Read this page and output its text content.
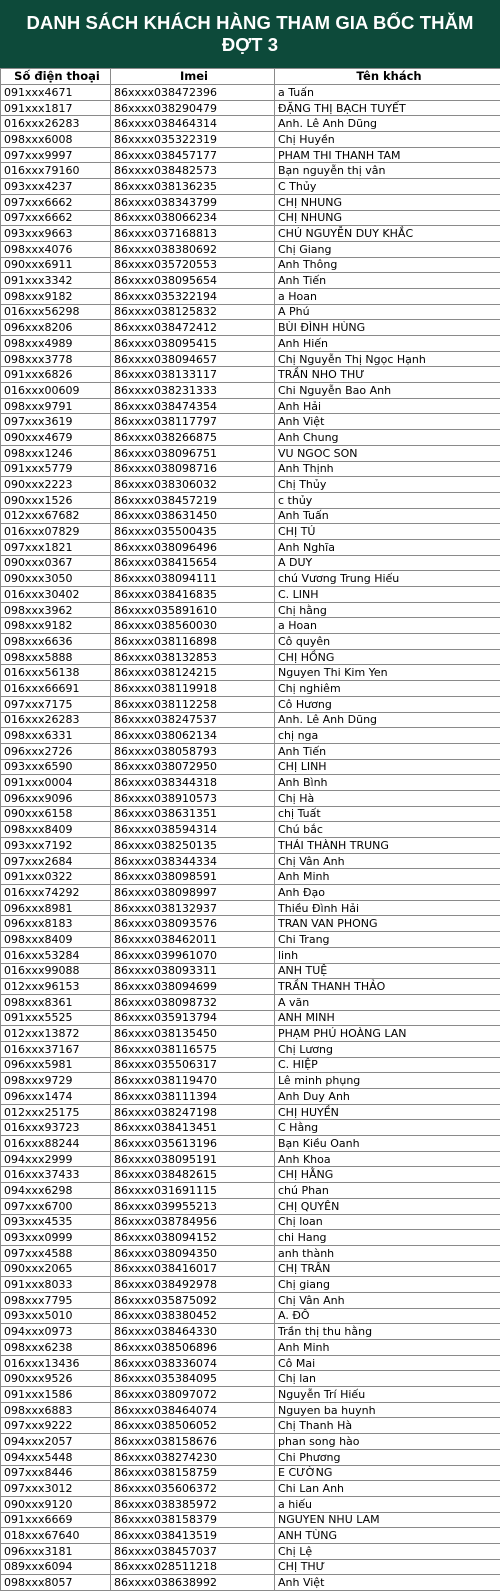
DANH SÁCH KHÁCH HÀNG THAM GIA BỐC THĂM ĐỢT 3
Số điện thoại	Imei	Tên khách
091xxx4671	86xxxx038472396	a Tuấn
091xxx1817	86xxxx038290479	ĐẶNG THỊ BẠCH TUYẾT
016xxx26283	86xxxx038464314	Anh. Lê Anh Dũng
098xxx6008	86xxxx035322319	Chị Huyền
097xxx9997	86xxxx038457177	PHAM THI THANH TAM
016xxx79160	86xxxx038482573	Bạn nguyễn thị vân
093xxx4237	86xxxx038136235	C Thủy
097xxx6662	86xxxx038343799	CHỊ NHUNG
097xxx6662	86xxxx038066234	CHỊ NHUNG
093xxx9663	86xxxx037168813	CHÚ NGUYỄN DUY KHẮC
098xxx4076	86xxxx038380692	Chị Giang
090xxx6911	86xxxx035720553	Anh Thông
091xxx3342	86xxxx038095654	Anh Tiến
098xxx9182	86xxxx035322194	a Hoan
016xxx56298	86xxxx038125832	A Phú
096xxx8206	86xxxx038472412	BÙI ĐÌNH HÙNG
098xxx4989	86xxxx038095415	Anh Hiến
098xxx3778	86xxxx038094657	Chị Nguyễn Thị Ngọc Hạnh
091xxx6826	86xxxx038133117	TRẦN NHO THƯ
016xxx00609	86xxxx038231333	Chi Nguyễn Bao Anh
098xxx9791	86xxxx038474354	Anh Hải
097xxx3619	86xxxx038117797	Anh Việt
090xxx4679	86xxxx038266875	Anh Chung
098xxx1246	86xxxx038096751	VU NGOC SON
091xxx5779	86xxxx038098716	Anh Thịnh
090xxx2223	86xxxx038306032	Chị Thủy
090xxx1526	86xxxx038457219	c thủy
012xxx67682	86xxxx038631450	Anh Tuấn
016xxx07829	86xxxx035500435	CHỊ TÚ
097xxx1821	86xxxx038096496	Anh Nghĩa
090xxx0367	86xxxx038415654	A DUY
090xxx3050	86xxxx038094111	chú Vương Trung Hiếu
016xxx30402	86xxxx038416835	C. LINH
098xxx3962	86xxxx035891610	Chị hằng
098xxx9182	86xxxx038560030	a Hoan
098xxx6636	86xxxx038116898	Cô quyên
098xxx5888	86xxxx038132853	CHỊ HỒNG
016xxx56138	86xxxx038124215	Nguyen Thi Kim Yen
016xxx66691	86xxxx038119918	Chị nghiêm
097xxx7175	86xxxx038112258	Cô Hương
016xxx26283	86xxxx038247537	Anh. Lê Anh Dũng
098xxx6331	86xxxx038062134	chị nga
096xxx2726	86xxxx038058793	Anh Tiến
093xxx6590	86xxxx038072950	CHỊ LINH
091xxx0004	86xxxx038344318	Anh Bình
096xxx9096	86xxxx038910573	Chị Hà
090xxx6158	86xxxx038631351	chị Tuất
098xxx8409	86xxxx038594314	Chú bắc
093xxx7192	86xxxx038250135	THÁI THÀNH TRUNG
097xxx2684	86xxxx038344334	Chị Vân Anh
091xxx0322	86xxxx038098591	Anh Minh
016xxx74292	86xxxx038098997	Anh Đạo
096xxx8981	86xxxx038132937	Thiều Đình Hải
096xxx8183	86xxxx038093576	TRAN VAN PHONG
098xxx8409	86xxxx038462011	Chi Trang
016xxx53284	86xxxx039961070	linh
016xxx99088	86xxxx038093311	ANH TUỆ
012xxx96153	86xxxx038094699	TRẦN THANH THẢO
098xxx8361	86xxxx038098732	A văn
091xxx5525	86xxxx035913794	ANH MINH
012xxx13872	86xxxx038135450	PHẠM PHÚ HOÀNG LAN
016xxx37167	86xxxx038116575	Chị Lương
096xxx5981	86xxxx035506317	C. HIỆP
098xxx9729	86xxxx038119470	Lê minh phụng
096xxx1474	86xxxx038111394	Anh Duy Anh
012xxx25175	86xxxx038247198	CHỊ HUYỀN
016xxx93723	86xxxx038413451	C Hằng
016xxx88244	86xxxx035613196	Bạn Kiều Oanh
094xxx2999	86xxxx038095191	Anh Khoa
016xxx37433	86xxxx038482615	CHỊ HẰNG
094xxx6298	86xxxx031691115	chú Phan
097xxx6700	86xxxx039955213	CHỊ QUYÊN
093xxx4535	86xxxx038784956	Chị loan
093xxx0999	86xxxx038094152	chi Hang
097xxx4588	86xxxx038094350	anh thành
090xxx2065	86xxxx038416017	CHỊ TRÂN
091xxx8033	86xxxx038492978	Chị giang
098xxx7795	86xxxx035875092	Chị Vân Anh
093xxx5010	86xxxx038380452	A. ĐỖ
094xxx0973	86xxxx038464330	Trần thị thu hằng
098xxx6238	86xxxx038506896	Anh Minh
016xxx13436	86xxxx038336074	Cô Mai
090xxx9526	86xxxx035384095	Chị lan
091xxx1586	86xxxx038097072	Nguyễn Trí Hiếu
098xxx6883	86xxxx038464074	Nguyen ba huynh
097xxx9222	86xxxx038506052	Chị Thanh Hà
094xxx2057	86xxxx038158676	phan song hào
094xxx5448	86xxxx038274230	Chi Phương
097xxx8446	86xxxx038158759	E CƯỜNG
097xxx3012	86xxxx035606372	Chi Lan Anh
090xxx9120	86xxxx038385972	a hiếu
091xxx6669	86xxxx038158379	NGUYEN NHU LAM
018xxx67640	86xxxx038413519	ANH TÙNG
096xxx3181	86xxxx038457037	Chị Lệ
089xxx6094	86xxxx028511218	CHỊ THƯ
098xxx8057	86xxxx038638992	Anh Việt
